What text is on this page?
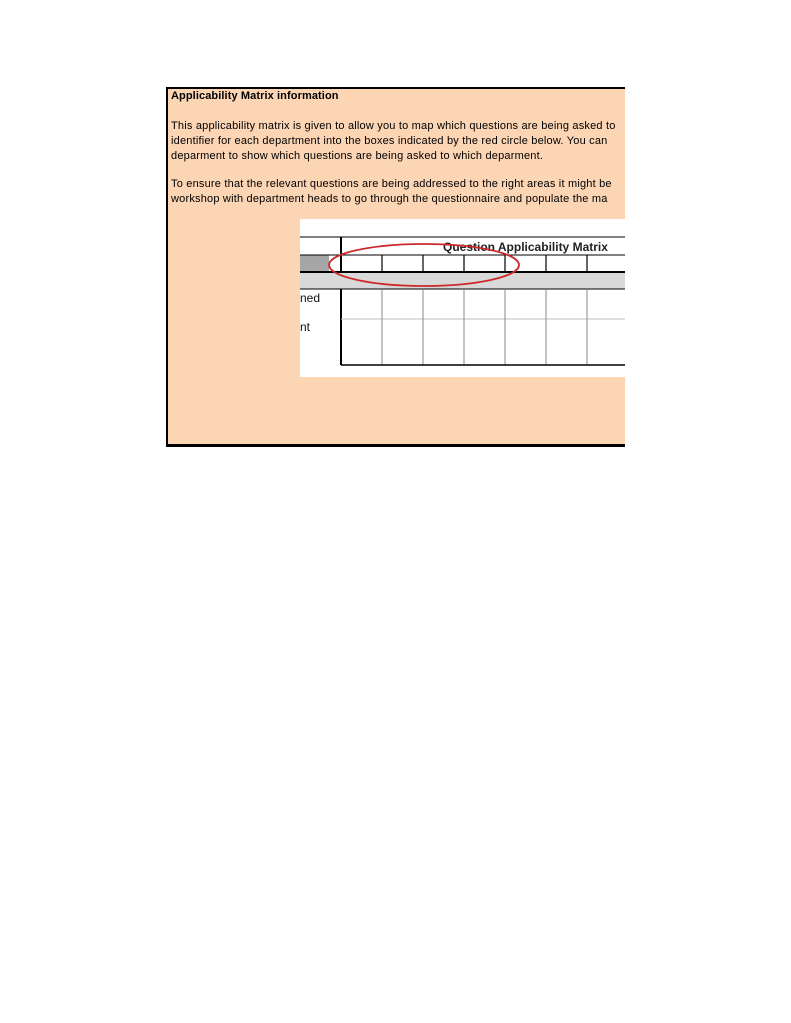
Applicability Matrix information
This applicability matrix is given to allow you to map which questions are being asked to
identifier for each department into the boxes indicated by the red circle below. You can
deparment to show which questions are being asked to which deparment.
To ensure that the relevant questions are being addressed to the right areas it might be
workshop with department heads to go through the questionnaire and populate the ma
ned
nt
Question Applicability Matrix
